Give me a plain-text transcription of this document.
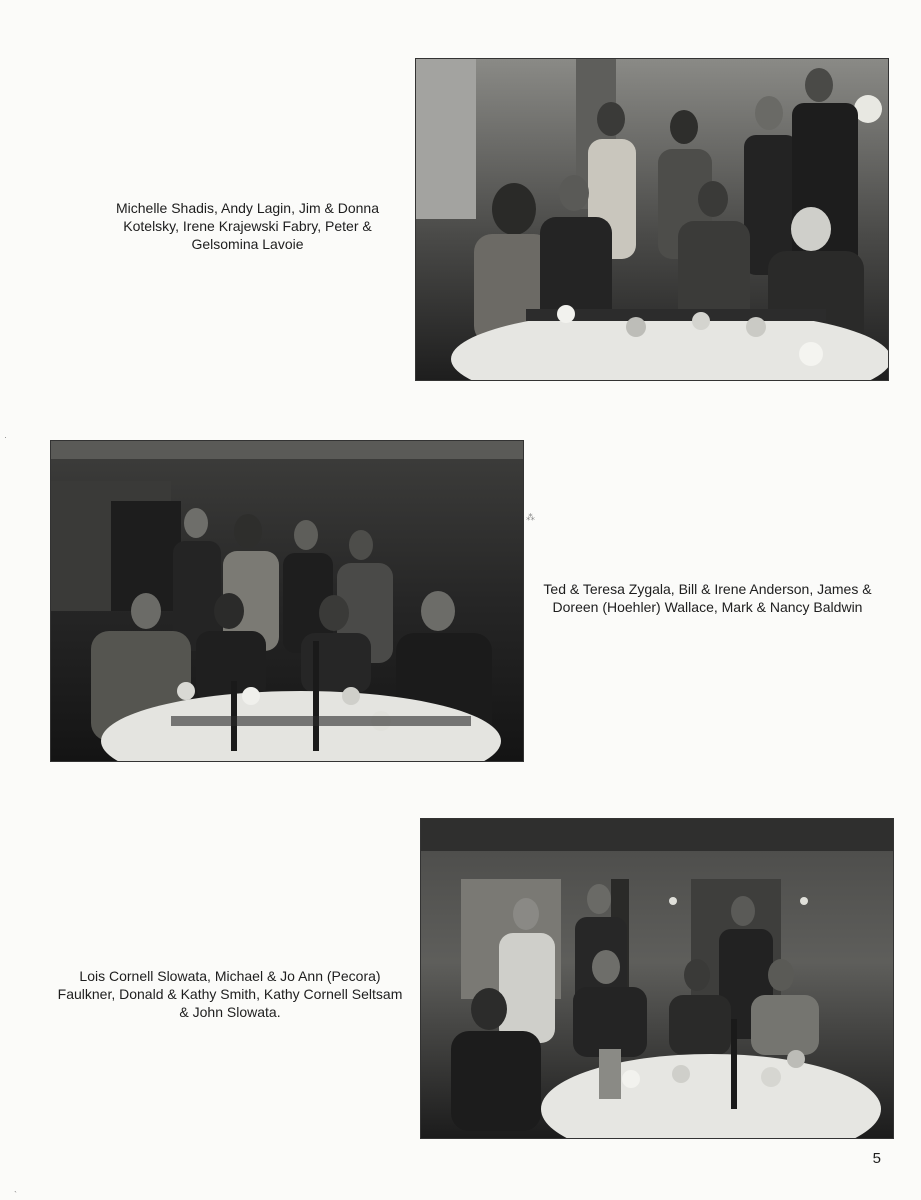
Michelle Shadis, Andy Lagin, Jim & Donna Kotelsky, Irene Krajewski Fabry, Peter & Gelsomina Lavoie
Ted & Teresa Zygala, Bill & Irene Anderson, James & Doreen (Hoehler) Wallace, Mark & Nancy Baldwin
Lois Cornell Slowata, Michael & Jo Ann (Pecora) Faulkner, Donald & Kathy Smith, Kathy Cornell Seltsam & John Slowata.
5
⁂
·
`
